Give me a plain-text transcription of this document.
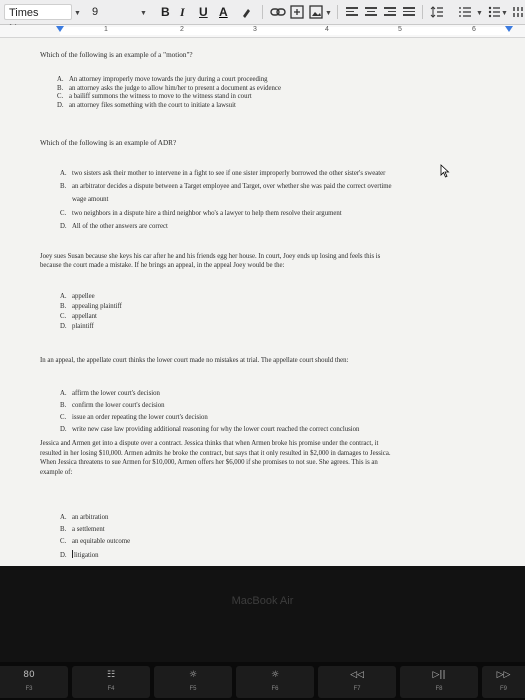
Times	▼ 9	▼ B I U A	▼	▼	▼
1	2	3	4	5	6
Which of the following is an example of a "motion"?
A. An attorney improperly move towards the jury during a court proceeding
B. an attorney asks the judge to allow him/her to present a document as evidence
C. a bailiff summons the witness to move to the witness stand in court
D. an attorney files something with the court to initiate a lawsuit
Which of the following is an example of ADR?
A. two sisters ask their mother to intervene in a fight to see if one sister improperly borrowed the other sister's sweater
B. an arbitrator decides a dispute between a Target employee and Target, over whether she was paid the correct overtime
wage amount
C. two neighbors in a dispute hire a third neighbor who's a lawyer to help them resolve their argument
D. All of the other answers are correct
Joey sues Susan because she keys his car after he and his friends egg her house. In court, Joey ends up losing and feels this is
because the court made a mistake. If he brings an appeal, in the appeal Joey would be the:
A. appellee
B. appealing plaintiff
C. appellant
D. plaintiff
In an appeal, the appellate court thinks the lower court made no mistakes at trial. The appellate court should then:
A. affirm the lower court's decision
B. confirm the lower court's decision
C. issue an order repeating the lower court's decision
D. write new case law providing additional reasoning for why the lower court reached the correct conclusion
Jessica and Armen get into a dispute over a contract. Jessica thinks that when Armen broke his promise under the contract, it
resulted in her losing $10,000. Armen admits he broke the contract, but says that it only resulted in $2,000 in damages to Jessica.
When Jessica threatens to sue Armen for $10,000, Armen offers her $6,000 if she promises to not sue. She agrees. This is an
example of:
A. an arbitration
B. a settlement
C. an equitable outcome
D. litigation
MacBook Air
80
F3
☷
F4
☼
F5
☼
F6
◁◁
F7
▷||
F8
▷▷
F9
